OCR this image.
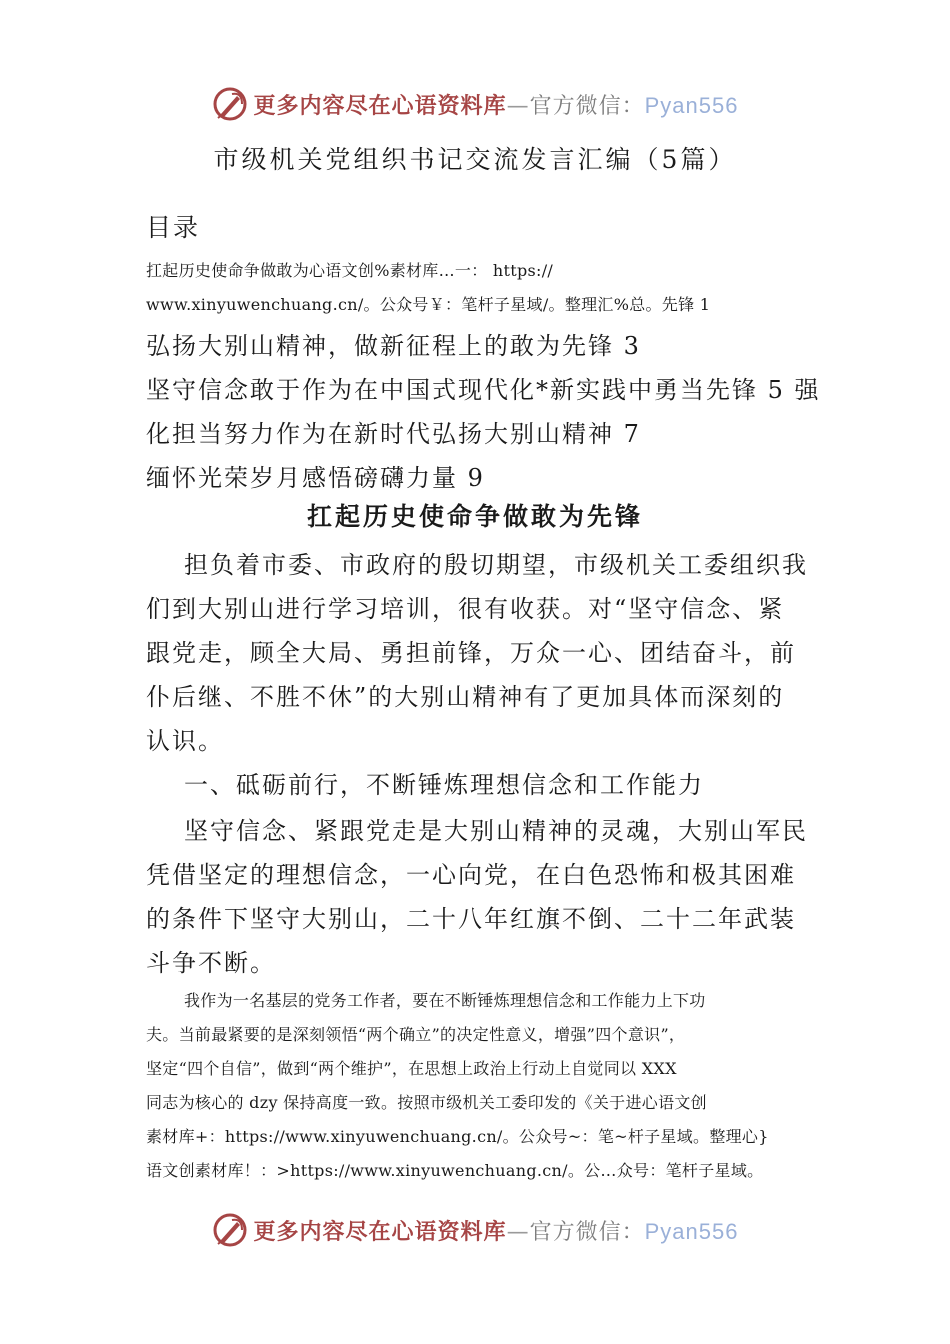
更多内容尽在心语资料库—官方微信：Pyan556
市级机关党组织书记交流发言汇编（5篇）
目录
扛起历史使命争做敢为心语文创%素材库…一： https://
www.xinyuwenchuang.cn/。公众号￥：笔杆子星域/。整理汇%总。先锋 1
弘扬大别山精神，做新征程上的敢为先锋 3
坚守信念敢于作为在中国式现代化*新实践中勇当先锋 5 强
化担当努力作为在新时代弘扬大别山精神 7
缅怀光荣岁月感悟磅礴力量 9
扛起历史使命争做敢为先锋
担负着市委、市政府的殷切期望，市级机关工委组织我
们到大别山进行学习培训，很有收获。对“坚守信念、紧
跟党走，顾全大局、勇担前锋，万众一心、团结奋斗，前
仆后继、不胜不休”的大别山精神有了更加具体而深刻的
认识。
一、砥砺前行，不断锤炼理想信念和工作能力
坚守信念、紧跟党走是大别山精神的灵魂，大别山军民
凭借坚定的理想信念，一心向党，在白色恐怖和极其困难
的条件下坚守大别山，二十八年红旗不倒、二十二年武装
斗争不断。
我作为一名基层的党务工作者，要在不断锤炼理想信念和工作能力上下功
夫。当前最紧要的是深刻领悟“两个确立”的决定性意义，增强”四个意识”，
坚定“四个自信”，做到“两个维护”，在思想上政治上行动上自觉同以 XXX
同志为核心的 dzy 保持高度一致。按照市级机关工委印发的《关于进心语文创
素材库+：https://www.xinyuwenchuang.cn/。公众号~：笔~杆子星域。整理心}
语文创素材库！：>https://www.xinyuwenchuang.cn/。公…众号：笔杆子星域。
更多内容尽在心语资料库—官方微信：Pyan556
